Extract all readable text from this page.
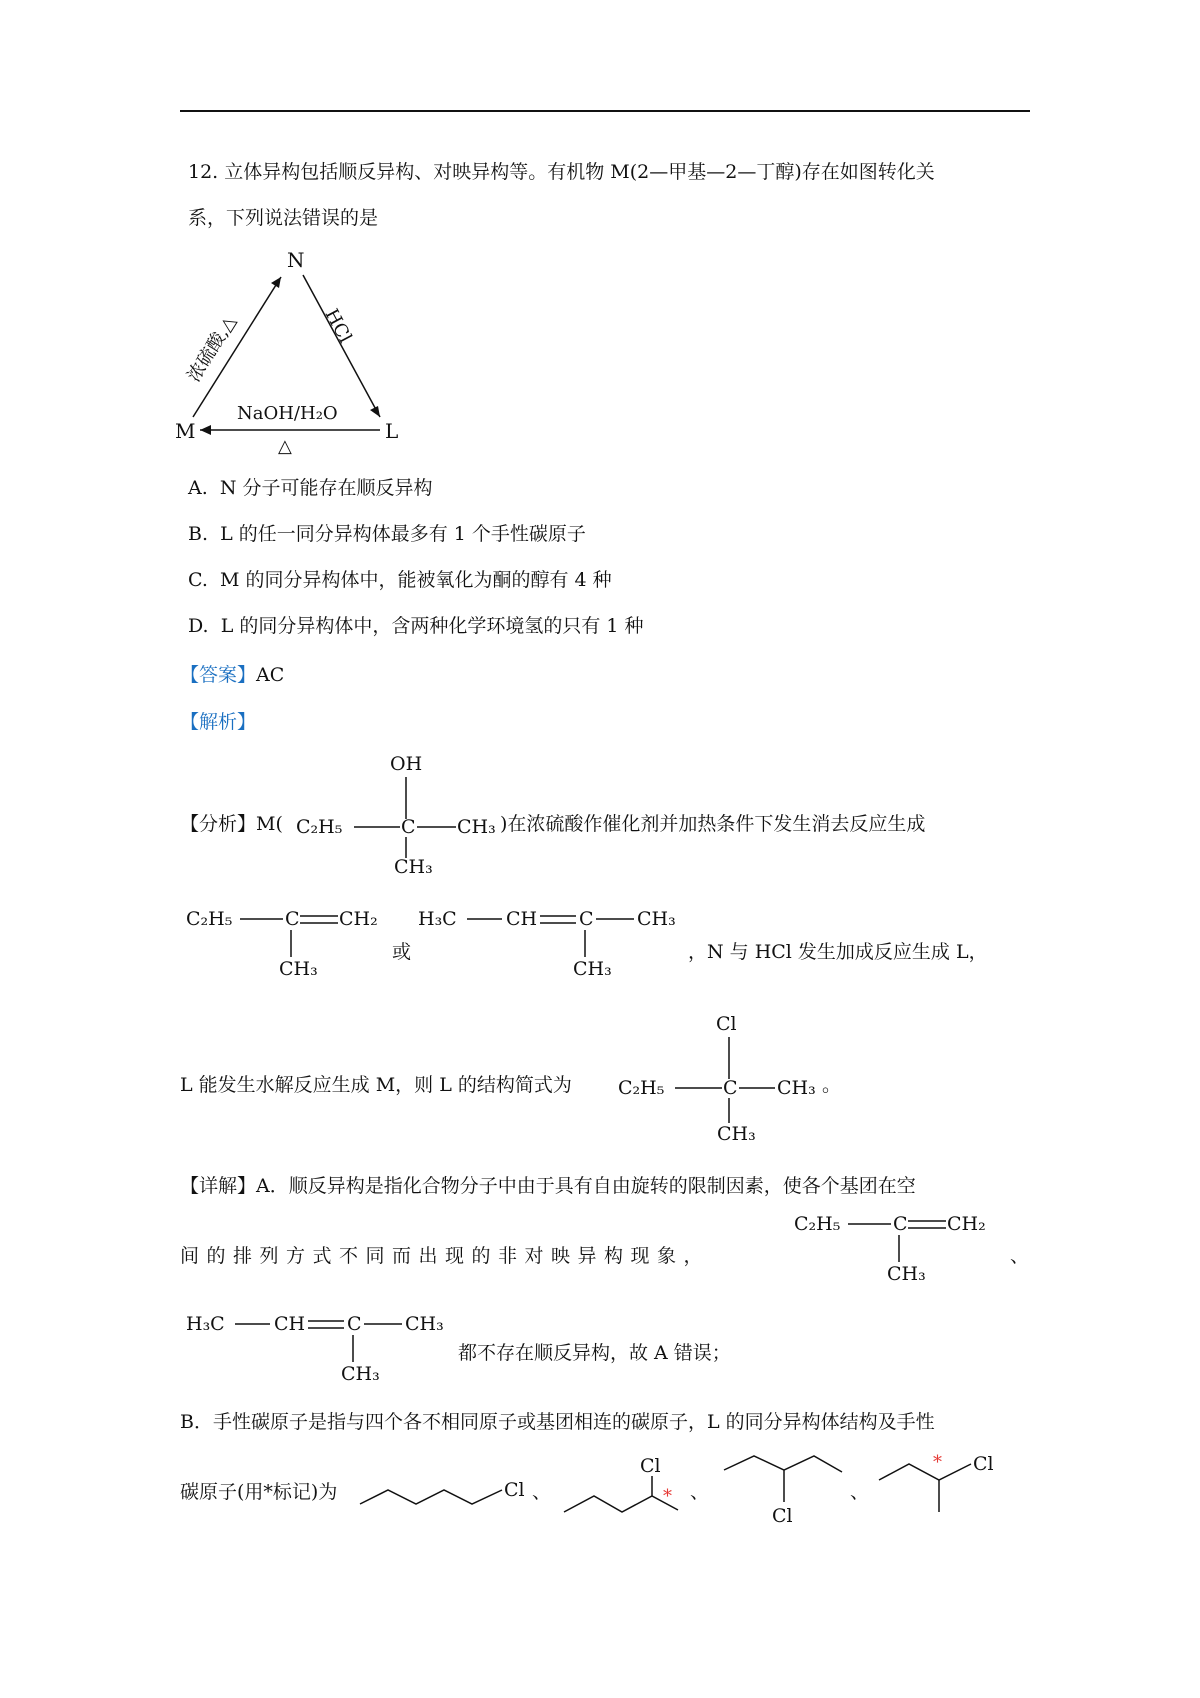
12. 立体异构包括顺反异构、对映异构等。有机物 M(2—甲基—2—丁醇)存在如图转化关
系，下列说法错误的是
N
M	L
浓硫酸,△	HCl
NaOH/H₂O
△
A. N 分子可能存在顺反异构
B. L 的任一同分异构体最多有 1 个手性碳原子
C. M 的同分异构体中，能被氧化为酮的醇有 4 种
D. L 的同分异构体中，含两种化学环境氢的只有 1 种
【答案】AC
【解析】
【分析】M(
OH
C₂H₅	C CH₃
CH₃
)在浓硫酸作催化剂并加热条件下发生消去反应生成
C₂H₅	C CH₂
CH₃
或
H₃C	CH C CH₃
CH₃
，N 与 HCl 发生加成反应生成 L，
L 能发生水解反应生成 M，则 L 的结构简式为
Cl
C₂H₅	C CH₃
CH₃
。
【详解】A．顺反异构是指化合物分子中由于具有自由旋转的限制因素，使各个基团在空
间的排列方式不同而出现的非对映异构现象，
C₂H₅	C CH₂
CH₃
、
H₃C	CH C CH₃
CH₃
都不存在顺反异构，故 A 错误；
B．手性碳原子是指与四个各不相同原子或基团相连的碳原子，L 的同分异构体结构及手性
碳原子(用*标记)为	Cl 、
Cl
* 、
Cl
、
Cl
*
